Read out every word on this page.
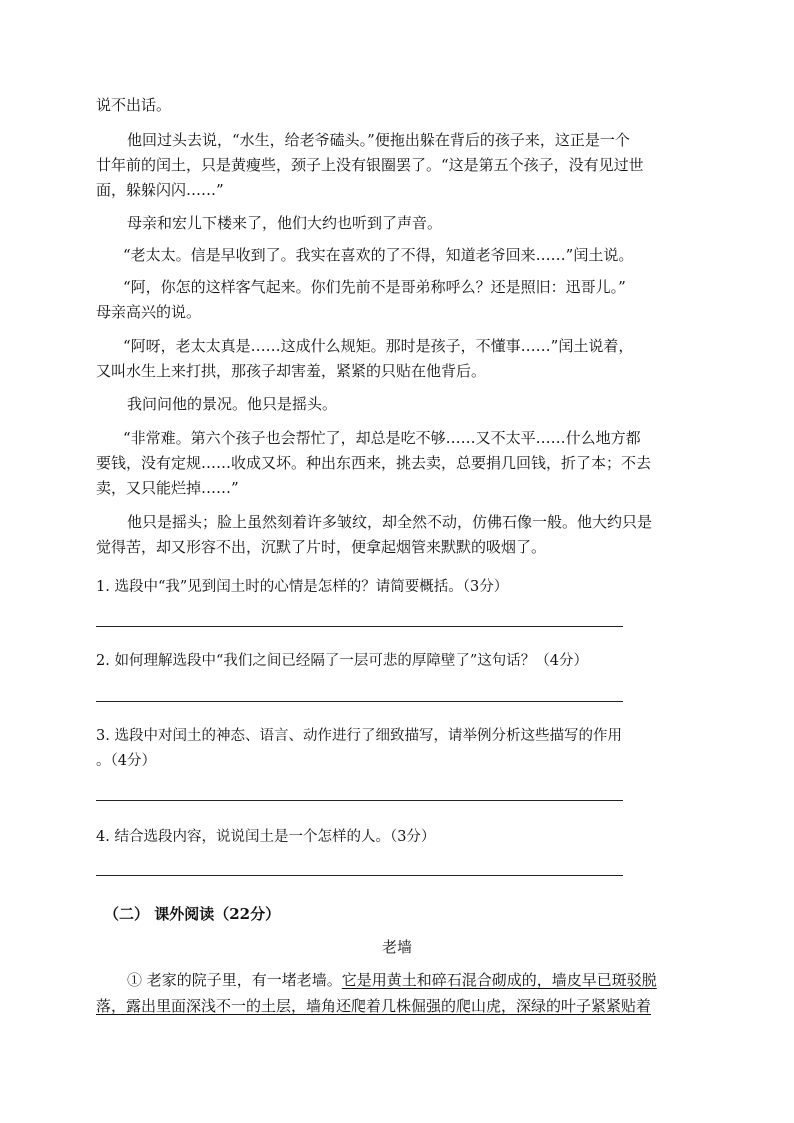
说不出话。
他回过头去说，“水生，给老爷磕头。”便拖出躲在背后的孩子来，这正是一个
廿年前的闰土，只是黄瘦些，颈子上没有银圈罢了。“这是第五个孩子，没有见过世
面，躲躲闪闪……”
母亲和宏儿下楼来了，他们大约也听到了声音。
“老太太。信是早收到了。我实在喜欢的了不得，知道老爷回来……”闰土说。
“阿，你怎的这样客气起来。你们先前不是哥弟称呼么？还是照旧：迅哥儿。”
母亲高兴的说。
“阿呀，老太太真是……这成什么规矩。那时是孩子，不懂事……”闰土说着，
又叫水生上来打拱，那孩子却害羞，紧紧的只贴在他背后。
我问问他的景况。他只是摇头。
“非常难。第六个孩子也会帮忙了，却总是吃不够……又不太平……什么地方都
要钱，没有定规……收成又坏。种出东西来，挑去卖，总要捐几回钱，折了本；不去
卖，又只能烂掉……”
他只是摇头；脸上虽然刻着许多皱纹，却全然不动，仿佛石像一般。他大约只是
觉得苦，却又形容不出，沉默了片时，便拿起烟管来默默的吸烟了。
1. 选段中“我”见到闰土时的心情是怎样的？请简要概括。（3分）
2. 如何理解选段中“我们之间已经隔了一层可悲的厚障壁了”这句话？（4分）
3. 选段中对闰土的神态、语言、动作进行了细致描写，请举例分析这些描写的作用
。（4分）
4. 结合选段内容，说说闰土是一个怎样的人。（3分）
（二） 课外阅读（22分）
老墙
① 老家的院子里，有一堵老墙。它是用黄土和碎石混合砌成的，墙皮早已斑驳脱
落，露出里面深浅不一的土层，墙角还爬着几株倔强的爬山虎，深绿的叶子紧紧贴着
